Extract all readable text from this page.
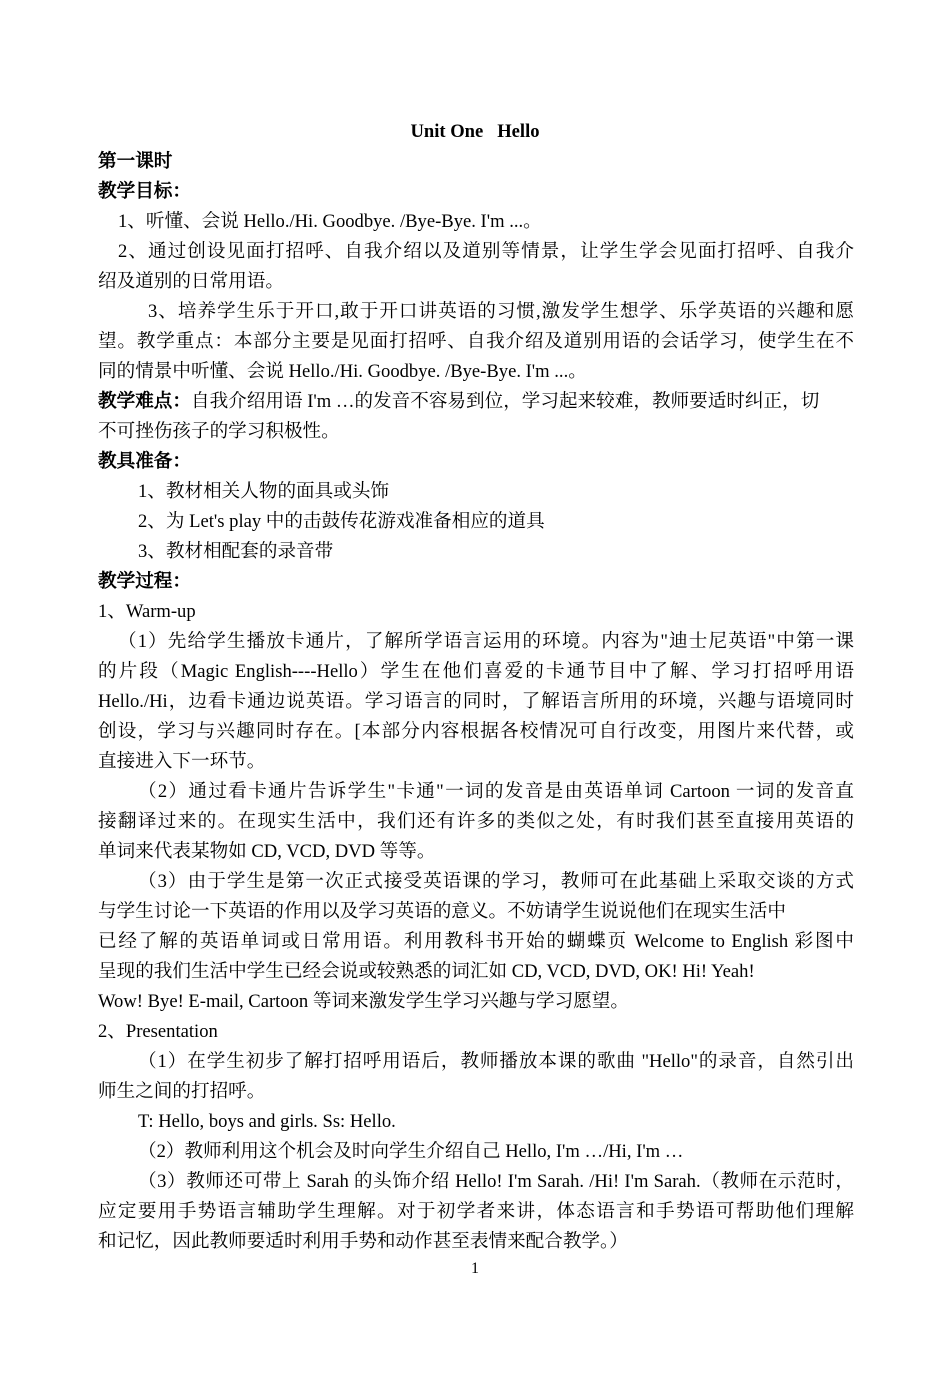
Unit One   Hello
第一课时
教学目标：
1、听懂、会说 Hello./Hi. Goodbye. /Bye-Bye. I'm ...。
2、通过创设见面打招呼、自我介绍以及道别等情景，让学生学会见面打招呼、自我介
绍及道别的日常用语。
3、培养学生乐于开口,敢于开口讲英语的习惯,激发学生想学、乐学英语的兴趣和愿
望。教学重点：本部分主要是见面打招呼、自我介绍及道别用语的会话学习，使学生在不
同的情景中听懂、会说 Hello./Hi. Goodbye. /Bye-Bye. I'm ...。
教学难点：自我介绍用语 I'm …的发音不容易到位，学习起来较难，教师要适时纠正，切
不可挫伤孩子的学习积极性。
教具准备：
1、教材相关人物的面具或头饰
2、为 Let's play 中的击鼓传花游戏准备相应的道具
3、教材相配套的录音带
教学过程：
1、Warm-up
（1）先给学生播放卡通片，了解所学语言运用的环境。内容为"迪士尼英语"中第一课
的片段（Magic English----Hello）学生在他们喜爱的卡通节目中了解、学习打招呼用语
Hello./Hi，边看卡通边说英语。学习语言的同时，了解语言所用的环境，兴趣与语境同时
创设，学习与兴趣同时存在。[本部分内容根据各校情况可自行改变，用图片来代替，或
直接进入下一环节。
（2）通过看卡通片告诉学生"卡通"一词的发音是由英语单词 Cartoon 一词的发音直
接翻译过来的。在现实生活中，我们还有许多的类似之处，有时我们甚至直接用英语的
单词来代表某物如 CD, VCD, DVD 等等。
（3）由于学生是第一次正式接受英语课的学习，教师可在此基础上采取交谈的方式
与学生讨论一下英语的作用以及学习英语的意义。不妨请学生说说他们在现实生活中
已经了解的英语单词或日常用语。利用教科书开始的蝴蝶页 Welcome to English 彩图中
呈现的我们生活中学生已经会说或较熟悉的词汇如 CD, VCD, DVD, OK! Hi! Yeah!
Wow! Bye! E-mail, Cartoon 等词来激发学生学习兴趣与学习愿望。
2、Presentation
（1）在学生初步了解打招呼用语后，教师播放本课的歌曲 "Hello"的录音，自然引出
师生之间的打招呼。
T: Hello, boys and girls. Ss: Hello.
（2）教师利用这个机会及时向学生介绍自己 Hello, I'm …/Hi, I'm …
（3）教师还可带上 Sarah 的头饰介绍 Hello! I'm Sarah. /Hi! I'm Sarah.（教师在示范时，
应定要用手势语言辅助学生理解。对于初学者来讲，体态语言和手势语可帮助他们理解
和记忆，因此教师要适时利用手势和动作甚至表情来配合教学。）
1
